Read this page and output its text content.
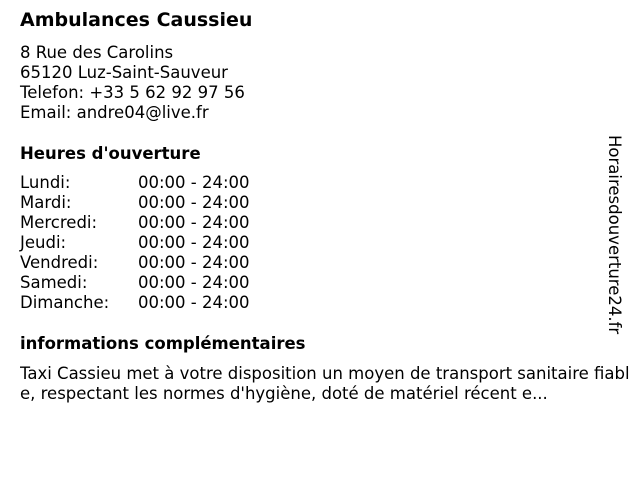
Ambulances Caussieu
8 Rue des Carolins
65120 Luz-Saint-Sauveur
Telefon: +33 5 62 92 97 56
Email: andre04@live.fr
Heures d'ouverture
Lundi:	00:00 - 24:00
Mardi:	00:00 - 24:00
Mercredi: 00:00 - 24:00
Jeudi:	00:00 - 24:00
Vendredi: 00:00 - 24:00
Samedi:	00:00 - 24:00
Dimanche: 00:00 - 24:00
informations complémentaires
Taxi Cassieu met à votre disposition un moyen de transport sanitaire fiable, respectant les normes d'hygiène, doté de matériel récent e...
Horairesdouverture24.fr
